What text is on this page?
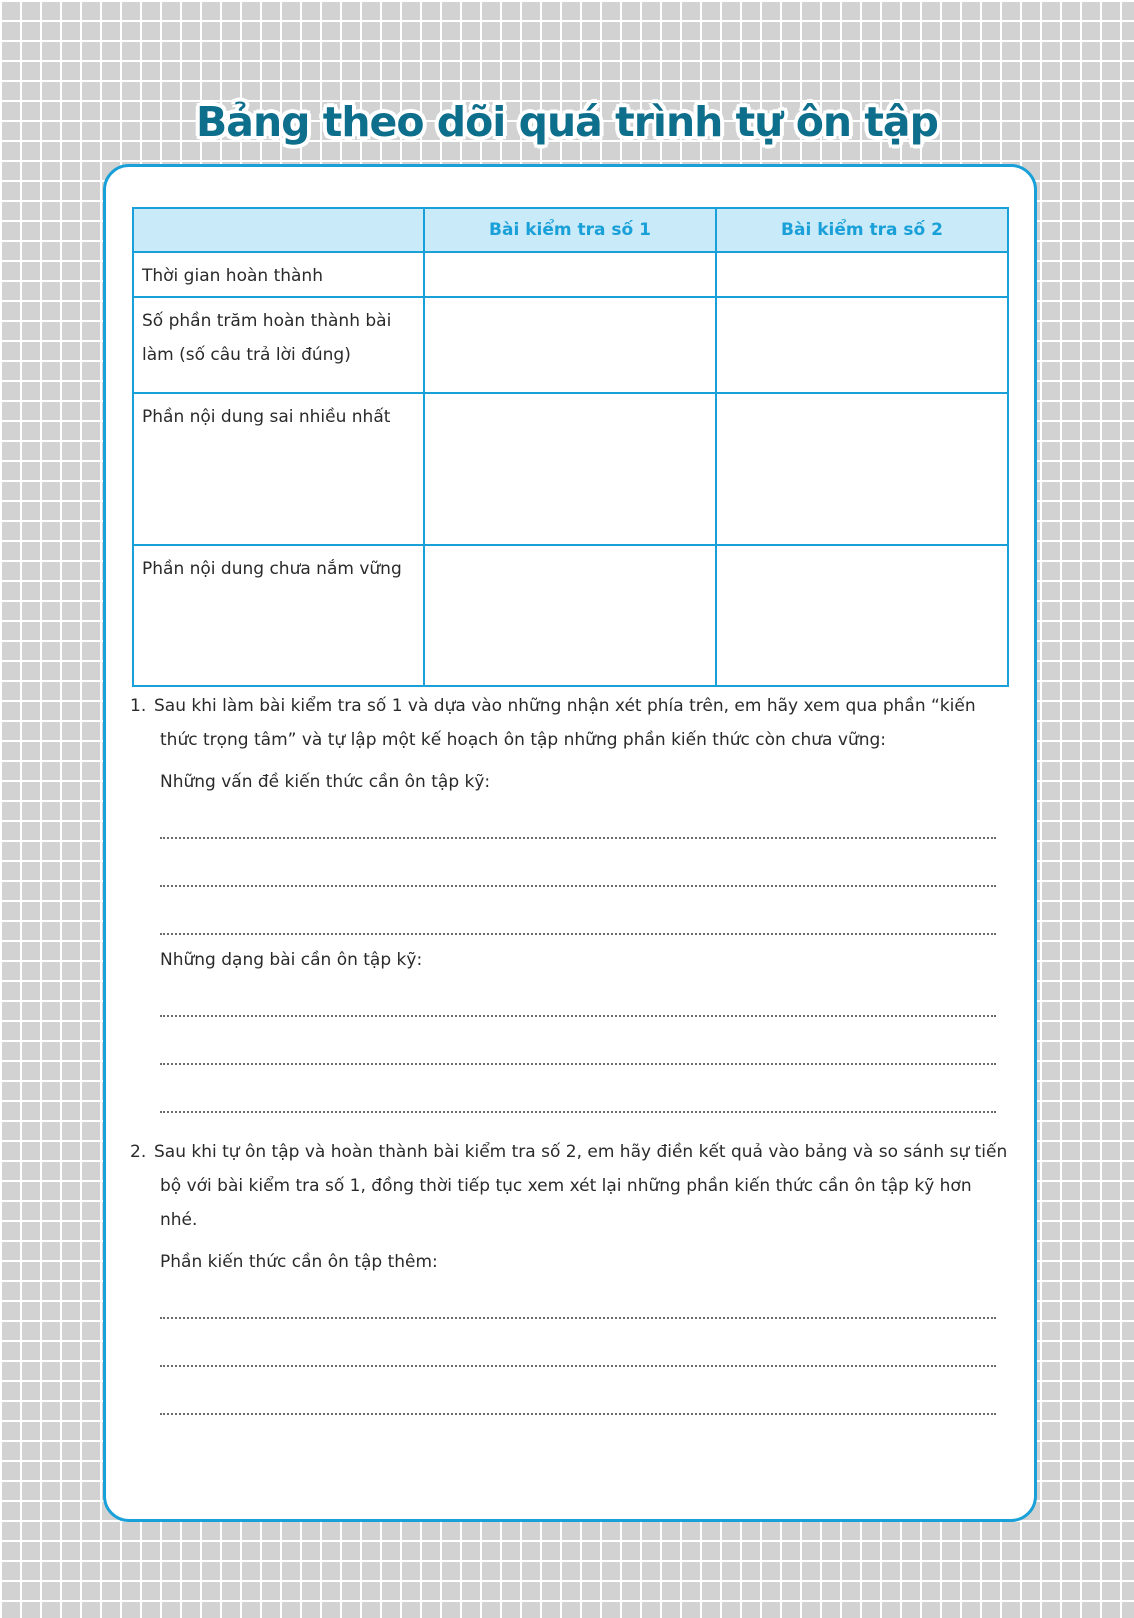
Bảng theo dõi quá trình tự ôn tập
	Bài kiểm tra số 1	Bài kiểm tra số 2

Thời gian hoàn thành		

Số phần trăm hoàn thành bài làm (số câu trả lời đúng)		

Phần nội dung sai nhiều nhất		

Phần nội dung chưa nắm vững		

1. Sau khi làm bài kiểm tra số 1 và dựa vào những nhận xét phía trên, em hãy xem qua phần “kiến thức trọng tâm” và tự lập một kế hoạch ôn tập những phần kiến thức còn chưa vững:
Những vấn đề kiến thức cần ôn tập kỹ:
Những dạng bài cần ôn tập kỹ:
2. Sau khi tự ôn tập và hoàn thành bài kiểm tra số 2, em hãy điền kết quả vào bảng và so sánh sự tiến bộ với bài kiểm tra số 1, đồng thời tiếp tục xem xét lại những phần kiến thức cần ôn tập kỹ hơn nhé.
Phần kiến thức cần ôn tập thêm:
